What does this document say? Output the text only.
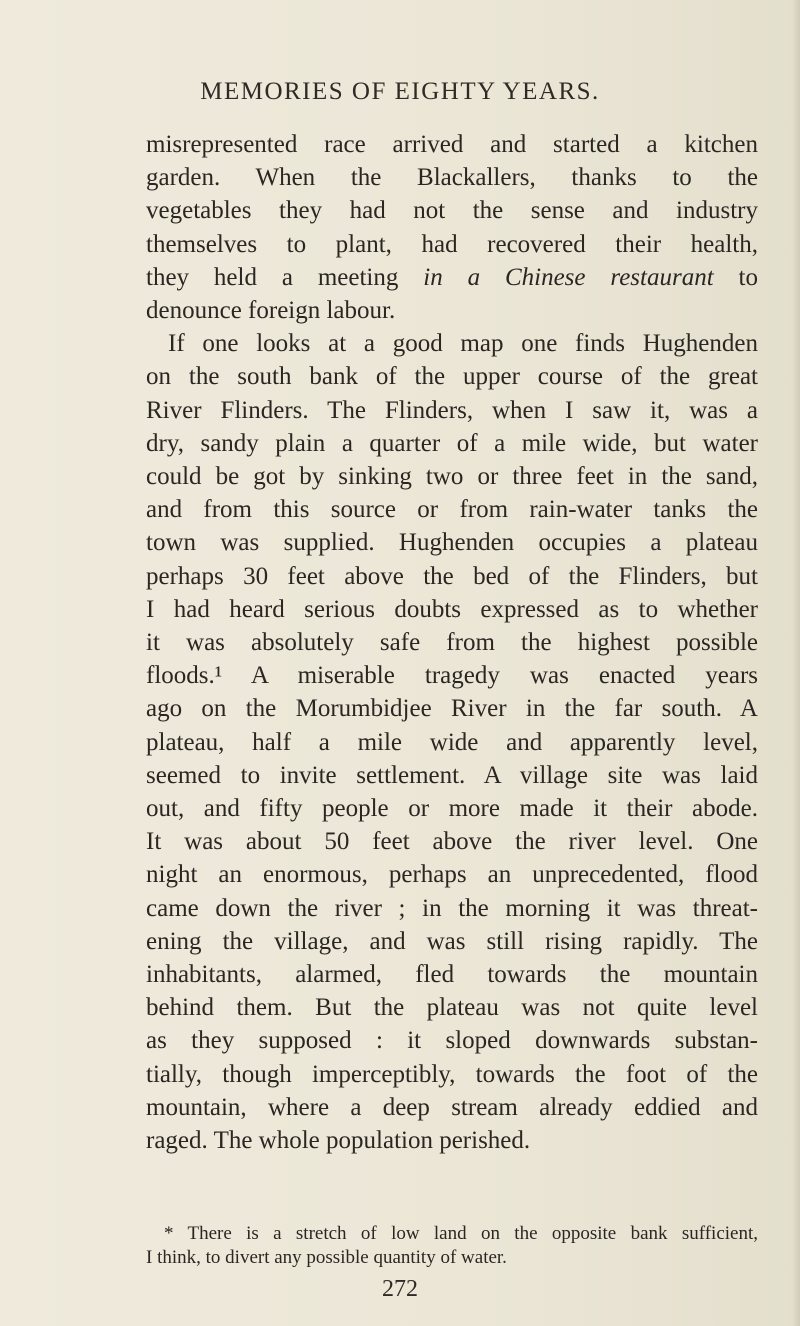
MEMORIES OF EIGHTY YEARS.
misrepresented race arrived and started a kitchen
garden. When the Blackallers, thanks to the
vegetables they had not the sense and industry
themselves to plant, had recovered their health,
they held a meeting in a Chinese restaurant to
denounce foreign labour.
If one looks at a good map one finds Hughenden
on the south bank of the upper course of the great
River Flinders. The Flinders, when I saw it, was a
dry, sandy plain a quarter of a mile wide, but water
could be got by sinking two or three feet in the sand,
and from this source or from rain-water tanks the
town was supplied. Hughenden occupies a plateau
perhaps 30 feet above the bed of the Flinders, but
I had heard serious doubts expressed as to whether
it was absolutely safe from the highest possible
floods.¹ A miserable tragedy was enacted years
ago on the Morumbidjee River in the far south. A
plateau, half a mile wide and apparently level,
seemed to invite settlement. A village site was laid
out, and fifty people or more made it their abode.
It was about 50 feet above the river level. One
night an enormous, perhaps an unprecedented, flood
came down the river ; in the morning it was threat-
ening the village, and was still rising rapidly. The
inhabitants, alarmed, fled towards the mountain
behind them. But the plateau was not quite level
as they supposed : it sloped downwards substan-
tially, though imperceptibly, towards the foot of the
mountain, where a deep stream already eddied and
raged. The whole population perished.
* There is a stretch of low land on the opposite bank sufficient,
I think, to divert any possible quantity of water.
272
